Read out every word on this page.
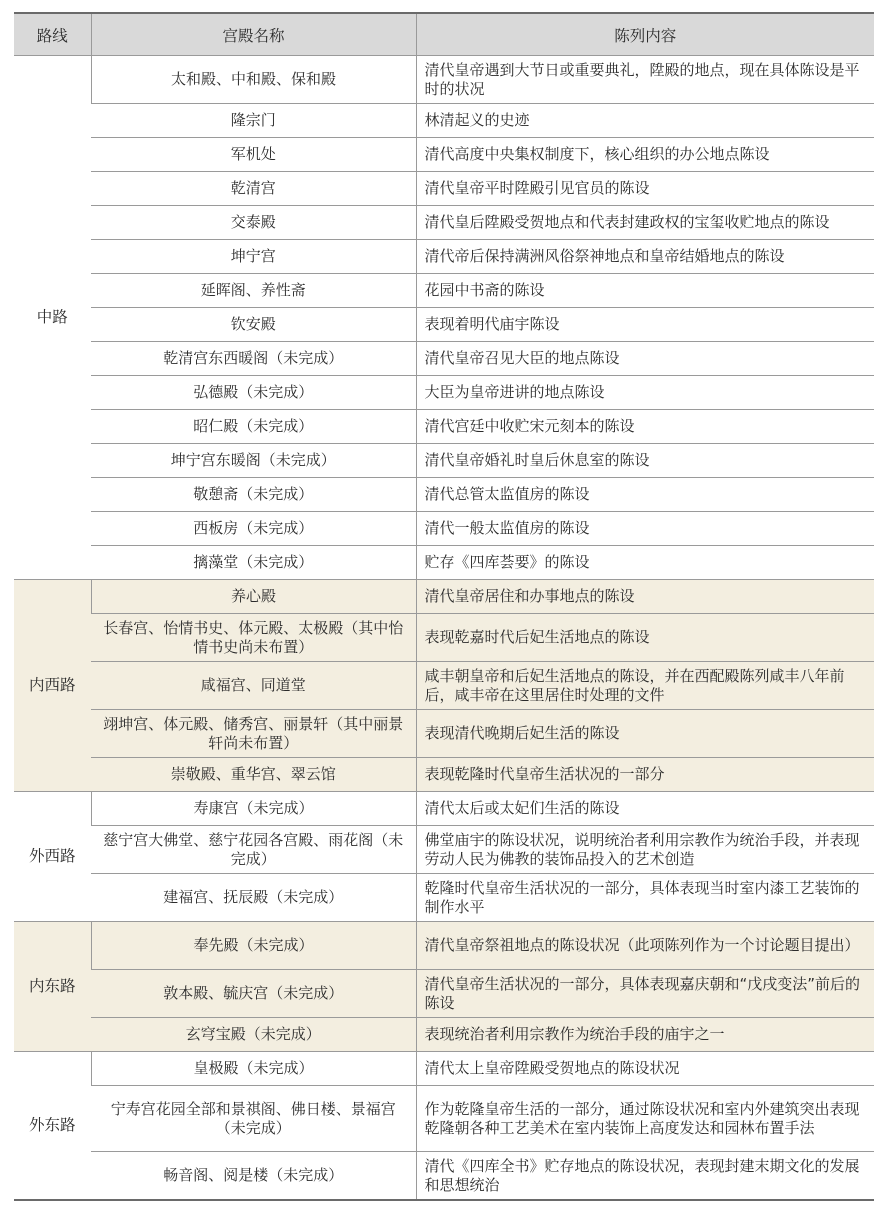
路线	宫殿名称	陈列内容
中路	太和殿、中和殿、保和殿	清代皇帝遇到大节日或重要典礼，陞殿的地点，现在具体陈设是平时的状况
	隆宗门	林清起义的史迹
	军机处	清代高度中央集权制度下，核心组织的办公地点陈设
	乾清宫	清代皇帝平时陞殿引见官员的陈设
	交泰殿	清代皇后陞殿受贺地点和代表封建政权的宝玺收贮地点的陈设
	坤宁宫	清代帝后保持满洲风俗祭神地点和皇帝结婚地点的陈设
	延晖阁、养性斋	花园中书斋的陈设
	钦安殿	表现着明代庙宇陈设
	乾清宫东西暖阁（未完成）	清代皇帝召见大臣的地点陈设
	弘德殿（未完成）	大臣为皇帝进讲的地点陈设
	昭仁殿（未完成）	清代宫廷中收贮宋元刻本的陈设
	坤宁宫东暖阁（未完成）	清代皇帝婚礼时皇后休息室的陈设
	敬憩斋（未完成）	清代总管太监值房的陈设
	西板房（未完成）	清代一般太监值房的陈设
	摛藻堂（未完成）	贮存《四库荟要》的陈设
内西路	养心殿	清代皇帝居住和办事地点的陈设
	长春宫、怡情书史、体元殿、太极殿（其中怡情书史尚未布置）	表现乾嘉时代后妃生活地点的陈设
	咸福宫、同道堂	咸丰朝皇帝和后妃生活地点的陈设，并在西配殿陈列咸丰八年前后，咸丰帝在这里居住时处理的文件
	翊坤宫、体元殿、储秀宫、丽景轩（其中丽景轩尚未布置）	表现清代晚期后妃生活的陈设
	崇敬殿、重华宫、翠云馆	表现乾隆时代皇帝生活状况的一部分
外西路	寿康宫（未完成）	清代太后或太妃们生活的陈设
	慈宁宫大佛堂、慈宁花园各宫殿、雨花阁（未完成）	佛堂庙宇的陈设状况，说明统治者利用宗教作为统治手段，并表现劳动人民为佛教的装饰品投入的艺术创造
	建福宫、抚辰殿（未完成）	乾隆时代皇帝生活状况的一部分，具体表现当时室内漆工艺装饰的制作水平
内东路	奉先殿（未完成）	清代皇帝祭祖地点的陈设状况（此项陈列作为一个讨论题目提出）
	敦本殿、毓庆宫（未完成）	清代皇帝生活状况的一部分，具体表现嘉庆朝和“戊戌变法”前后的陈设
	玄穹宝殿（未完成）	表现统治者利用宗教作为统治手段的庙宇之一
外东路	皇极殿（未完成）	清代太上皇帝陞殿受贺地点的陈设状况
	宁寿宫花园全部和景祺阁、佛日楼、景福宫（未完成）	作为乾隆皇帝生活的一部分，通过陈设状况和室内外建筑突出表现乾隆朝各种工艺美术在室内装饰上高度发达和园林布置手法
	畅音阁、阅是楼（未完成）	清代《四库全书》贮存地点的陈设状况，表现封建末期文化的发展和思想统治
